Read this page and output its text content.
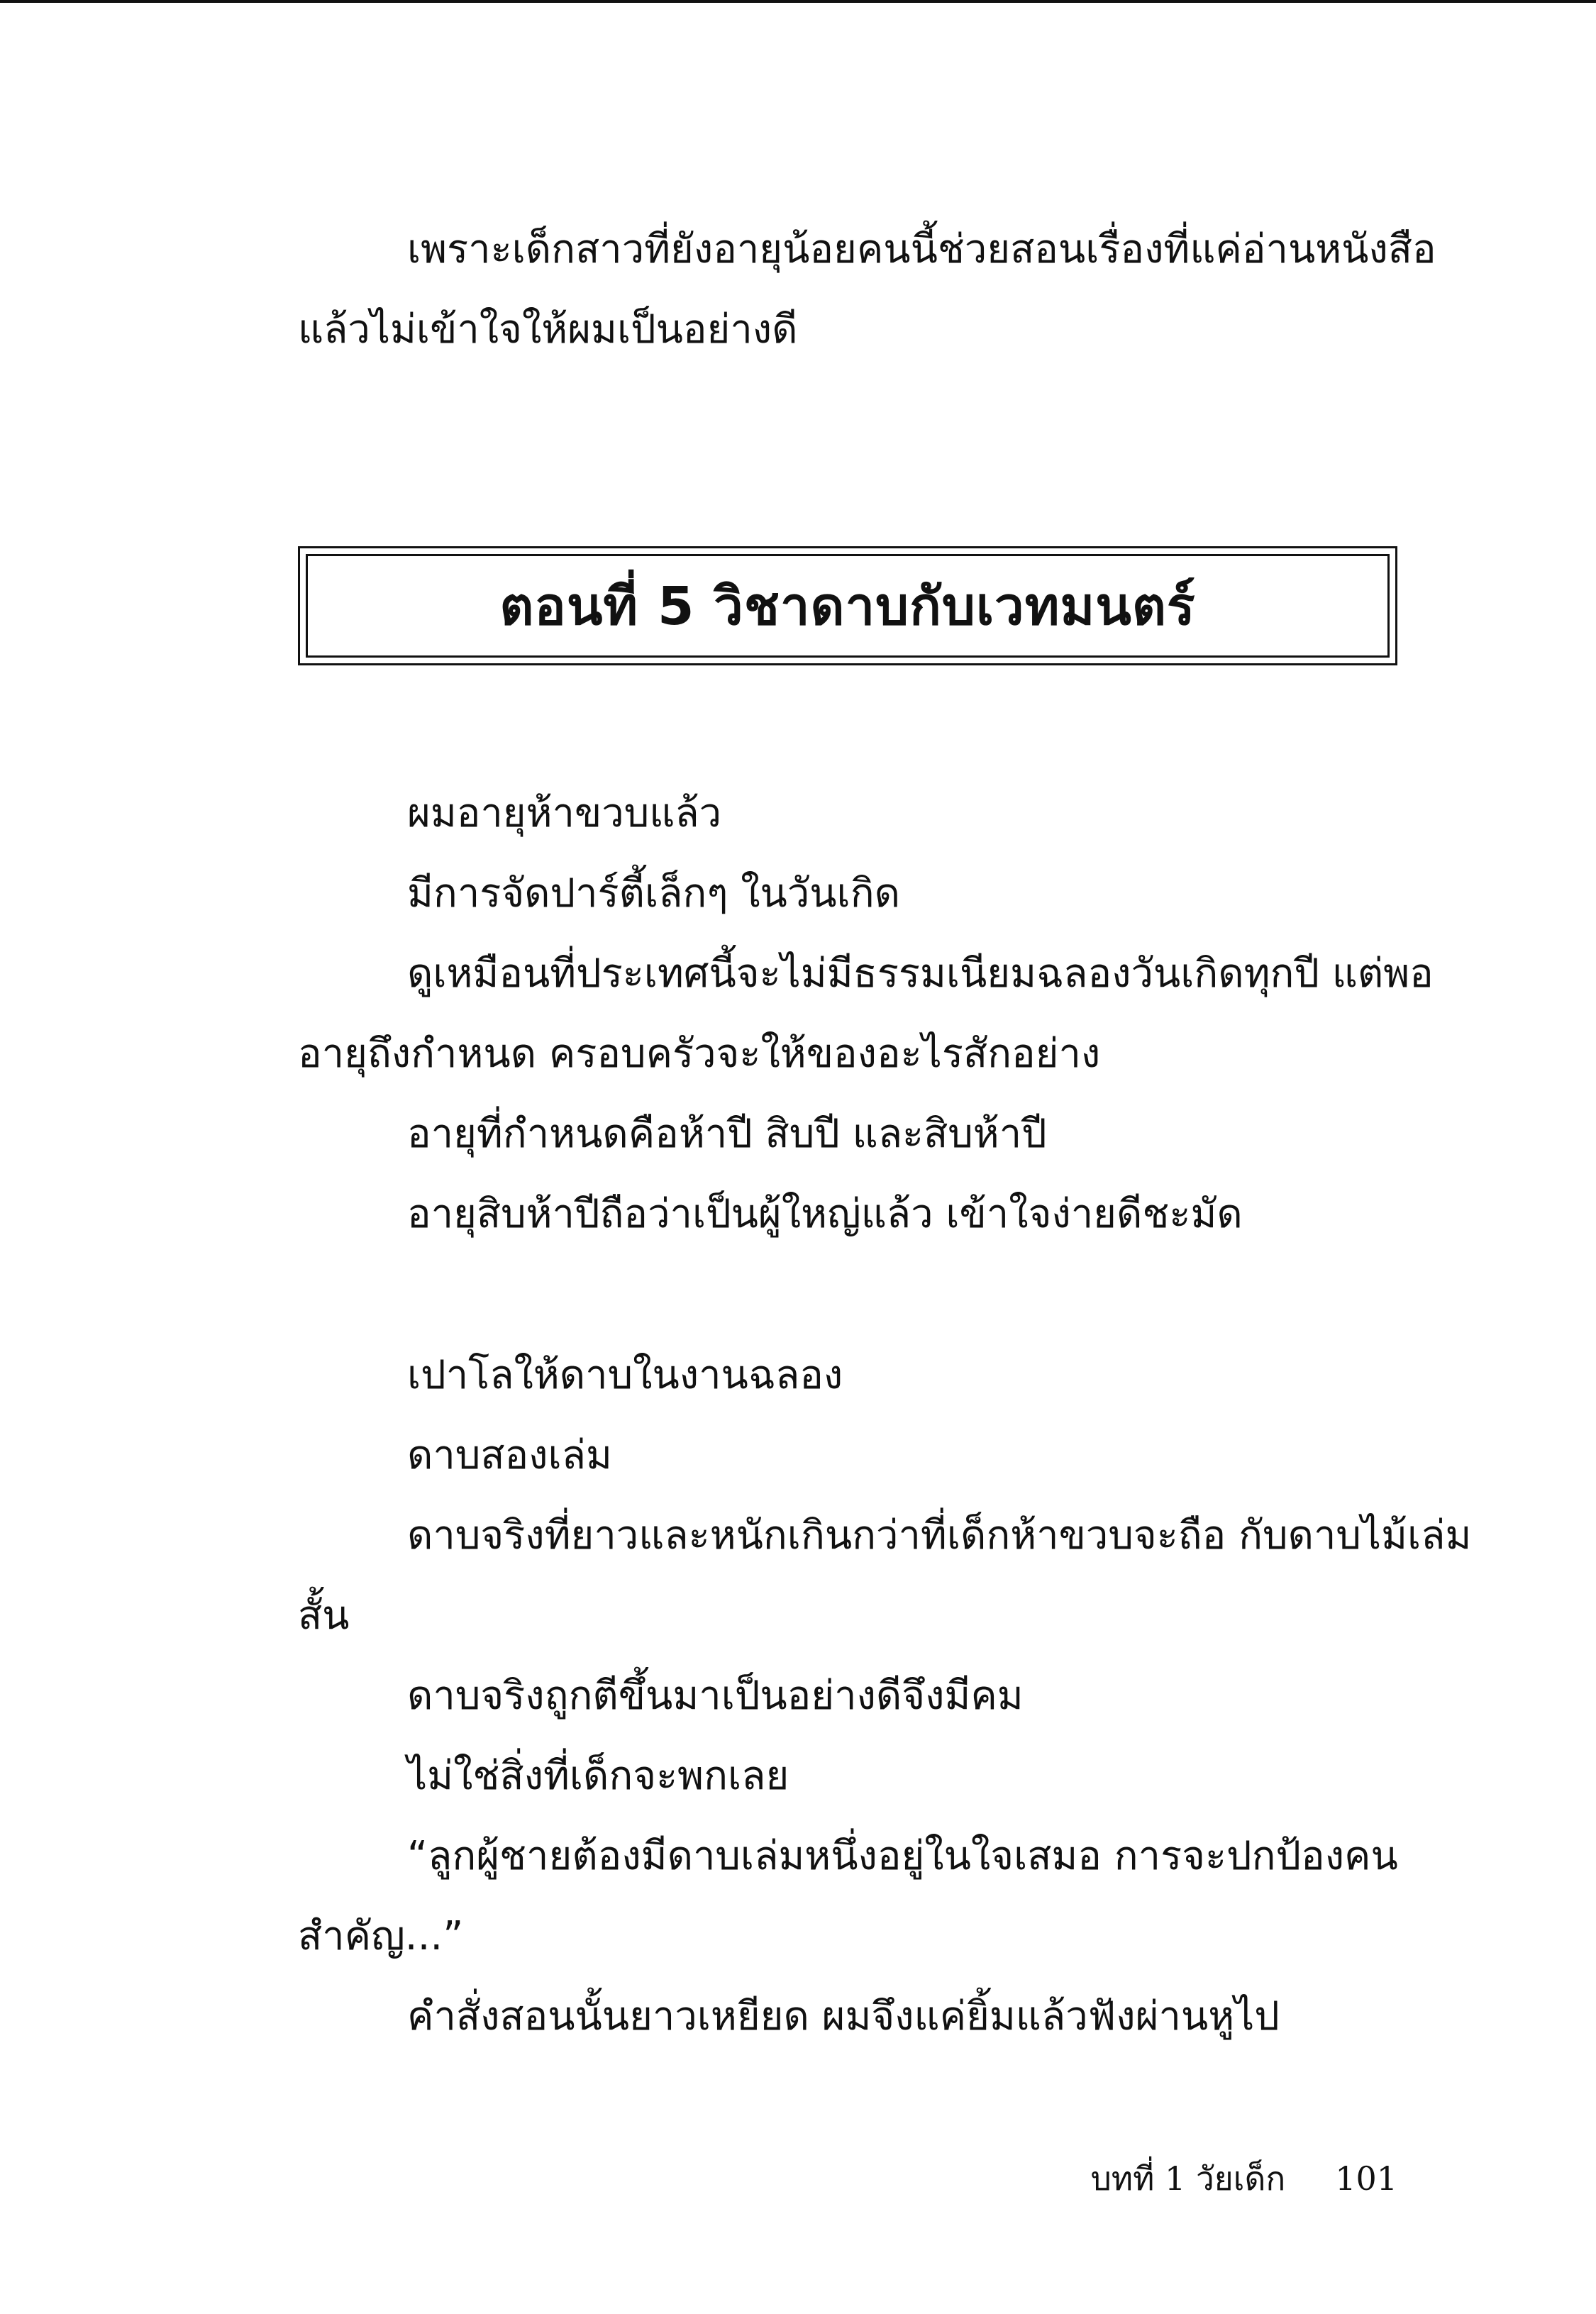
เพราะเด็กสาวที่ยังอายุน้อยคนนี้ช่วยสอนเรื่องที่แค่อ่านหนังสือ
แล้วไม่เข้าใจให้ผมเป็นอย่างดี
ตอนที่ 5 วิชาดาบกับเวทมนตร์
ผมอายุห้าขวบแล้ว
มีการจัดปาร์ตี้เล็กๆ ในวันเกิด
ดูเหมือนที่ประเทศนี้จะไม่มีธรรมเนียมฉลองวันเกิดทุกปี แต่พอ
อายุถึงกำหนด ครอบครัวจะให้ของอะไรสักอย่าง
อายุที่กำหนดคือห้าปี สิบปี และสิบห้าปี
อายุสิบห้าปีถือว่าเป็นผู้ใหญ่แล้ว เข้าใจง่ายดีชะมัด
เปาโลให้ดาบในงานฉลอง
ดาบสองเล่ม
ดาบจริงที่ยาวและหนักเกินกว่าที่เด็กห้าขวบจะถือ กับดาบไม้เล่ม
สั้น
ดาบจริงถูกตีขึ้นมาเป็นอย่างดีจึงมีคม
ไม่ใช่สิ่งที่เด็กจะพกเลย
“ลูกผู้ชายต้องมีดาบเล่มหนึ่งอยู่ในใจเสมอ การจะปกป้องคน
สำคัญ...”
คำสั่งสอนนั้นยาวเหยียด ผมจึงแค่ยิ้มแล้วฟังผ่านหูไป
บทที่ 1 วัยเด็ก 101
